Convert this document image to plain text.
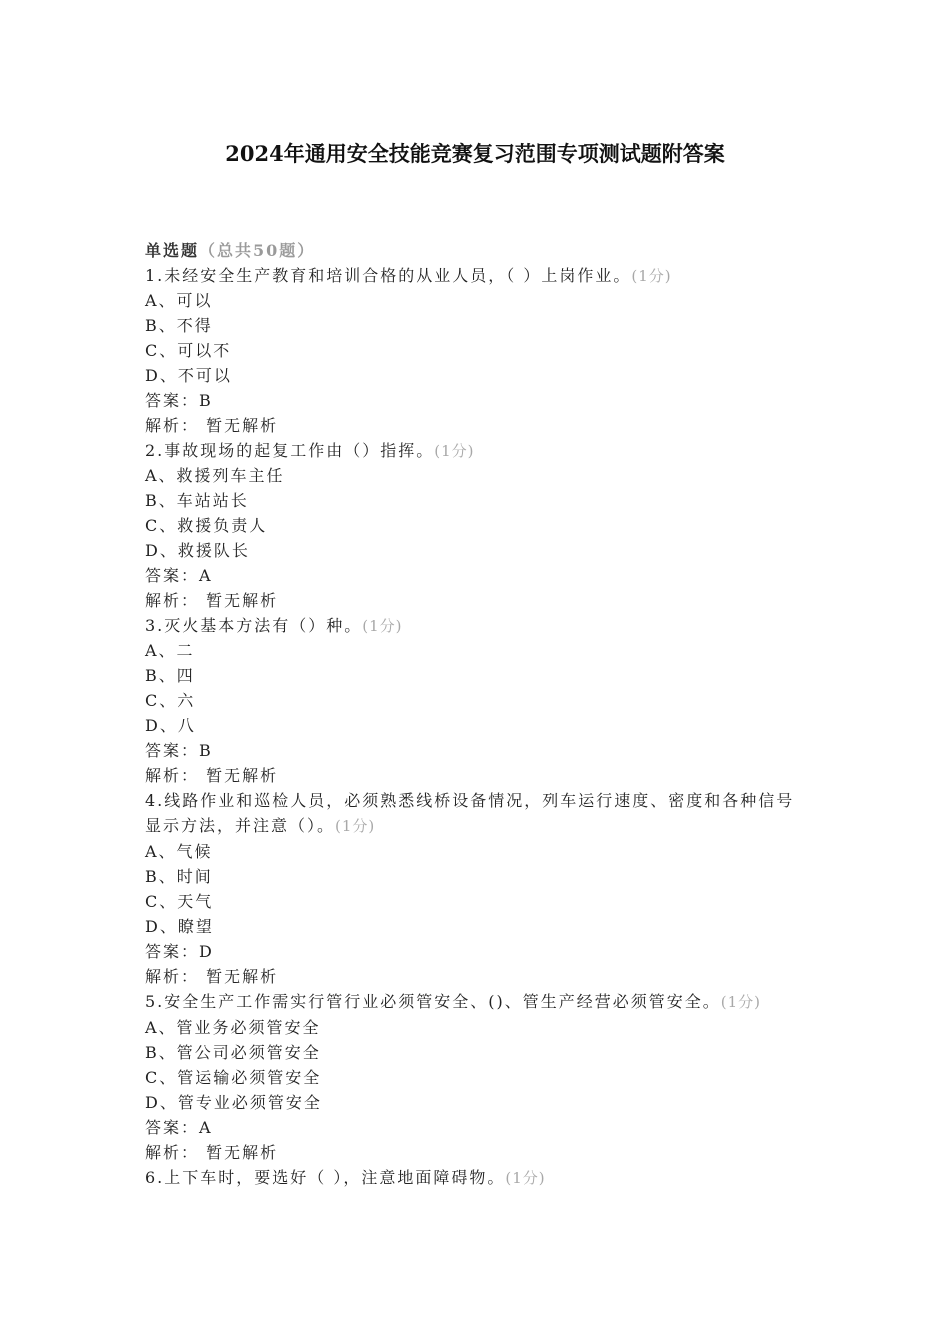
2024年通用安全技能竞赛复习范围专项测试题附答案
单选题（总共50题）
1.未经安全生产教育和培训合格的从业人员，（ ）上岗作业。(1分)
A、可以
B、不得
C、可以不
D、不可以
答案：B
解析： 暂无解析
2.事故现场的起复工作由（）指挥。(1分)
A、救援列车主任
B、车站站长
C、救援负责人
D、救援队长
答案：A
解析： 暂无解析
3.灭火基本方法有（）种。(1分)
A、二
B、四
C、六
D、八
答案：B
解析： 暂无解析
4.线路作业和巡检人员，必须熟悉线桥设备情况，列车运行速度、密度和各种信号显示方法，并注意（）。(1分)
A、气候
B、时间
C、天气
D、瞭望
答案：D
解析： 暂无解析
5.安全生产工作需实行管行业必须管安全、()、管生产经营必须管安全。(1分)
A、管业务必须管安全
B、管公司必须管安全
C、管运输必须管安全
D、管专业必须管安全
答案：A
解析： 暂无解析
6.上下车时，要选好（ ），注意地面障碍物。(1分)
